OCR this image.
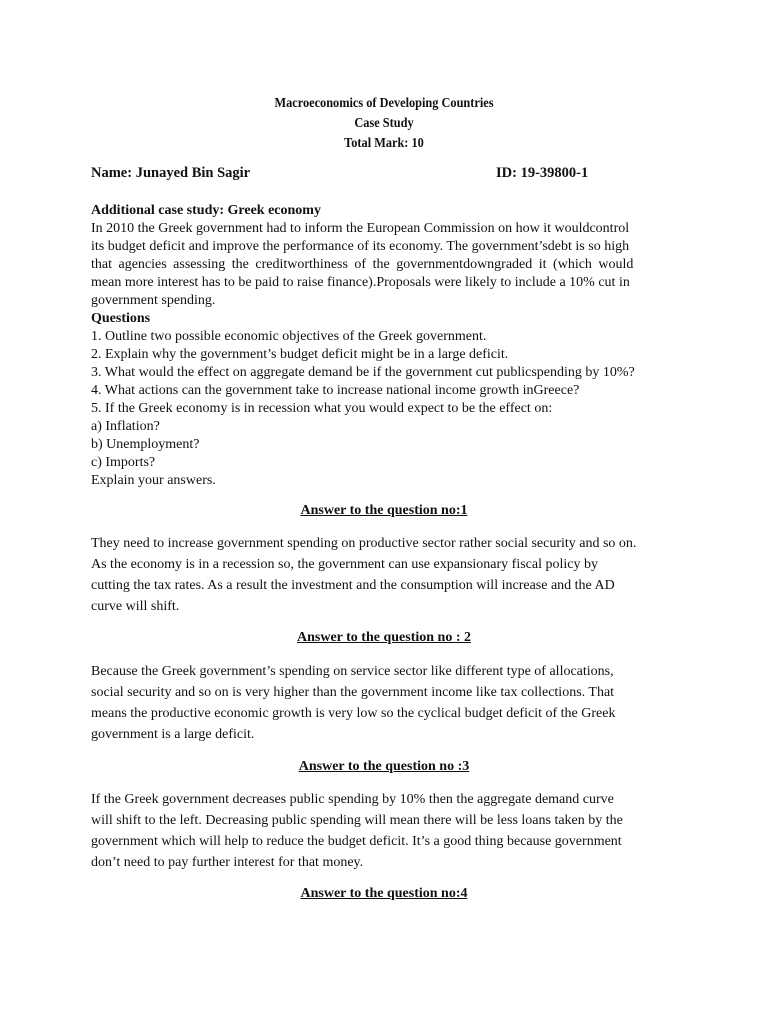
Macroeconomics of Developing Countries
Case Study
Total Mark: 10
Name: Junayed Bin Sagir	ID: 19-39800-1
Additional case study: Greek economy
In 2010 the Greek government had to inform the European Commission on how it wouldcontrol
its budget deficit and improve the performance of its economy. The government’sdebt is so high
that agencies assessing the creditworthiness of the governmentdowngraded it (which would
mean more interest has to be paid to raise finance).Proposals were likely to include a 10% cut in
government spending.
Questions
1. Outline two possible economic objectives of the Greek government.
2. Explain why the government’s budget deficit might be in a large deficit.
3. What would the effect on aggregate demand be if the government cut publicspending by 10%?
4. What actions can the government take to increase national income growth inGreece?
5. If the Greek economy is in recession what you would expect to be the effect on:
a) Inflation?
b) Unemployment?
c) Imports?
Explain your answers.
Answer to the question no:1
They need to increase government spending on productive sector rather social security and so on.
As the economy is in a recession so, the government can use expansionary fiscal policy by
cutting the tax rates. As a result the investment and the consumption will increase and the AD
curve will shift.
Answer to the question no : 2
Because the Greek government’s spending on service sector like different type of allocations,
social security and so on is very higher than the government income like tax collections. That
means the productive economic growth is very low so the cyclical budget deficit of the Greek
government is a large deficit.
Answer to the question no :3
If the Greek government decreases public spending by 10% then the aggregate demand curve
will shift to the left. Decreasing public spending will mean there will be less loans taken by the
government which will help to reduce the budget deficit. It’s a good thing because government
don’t need to pay further interest for that money.
Answer to the question no:4
